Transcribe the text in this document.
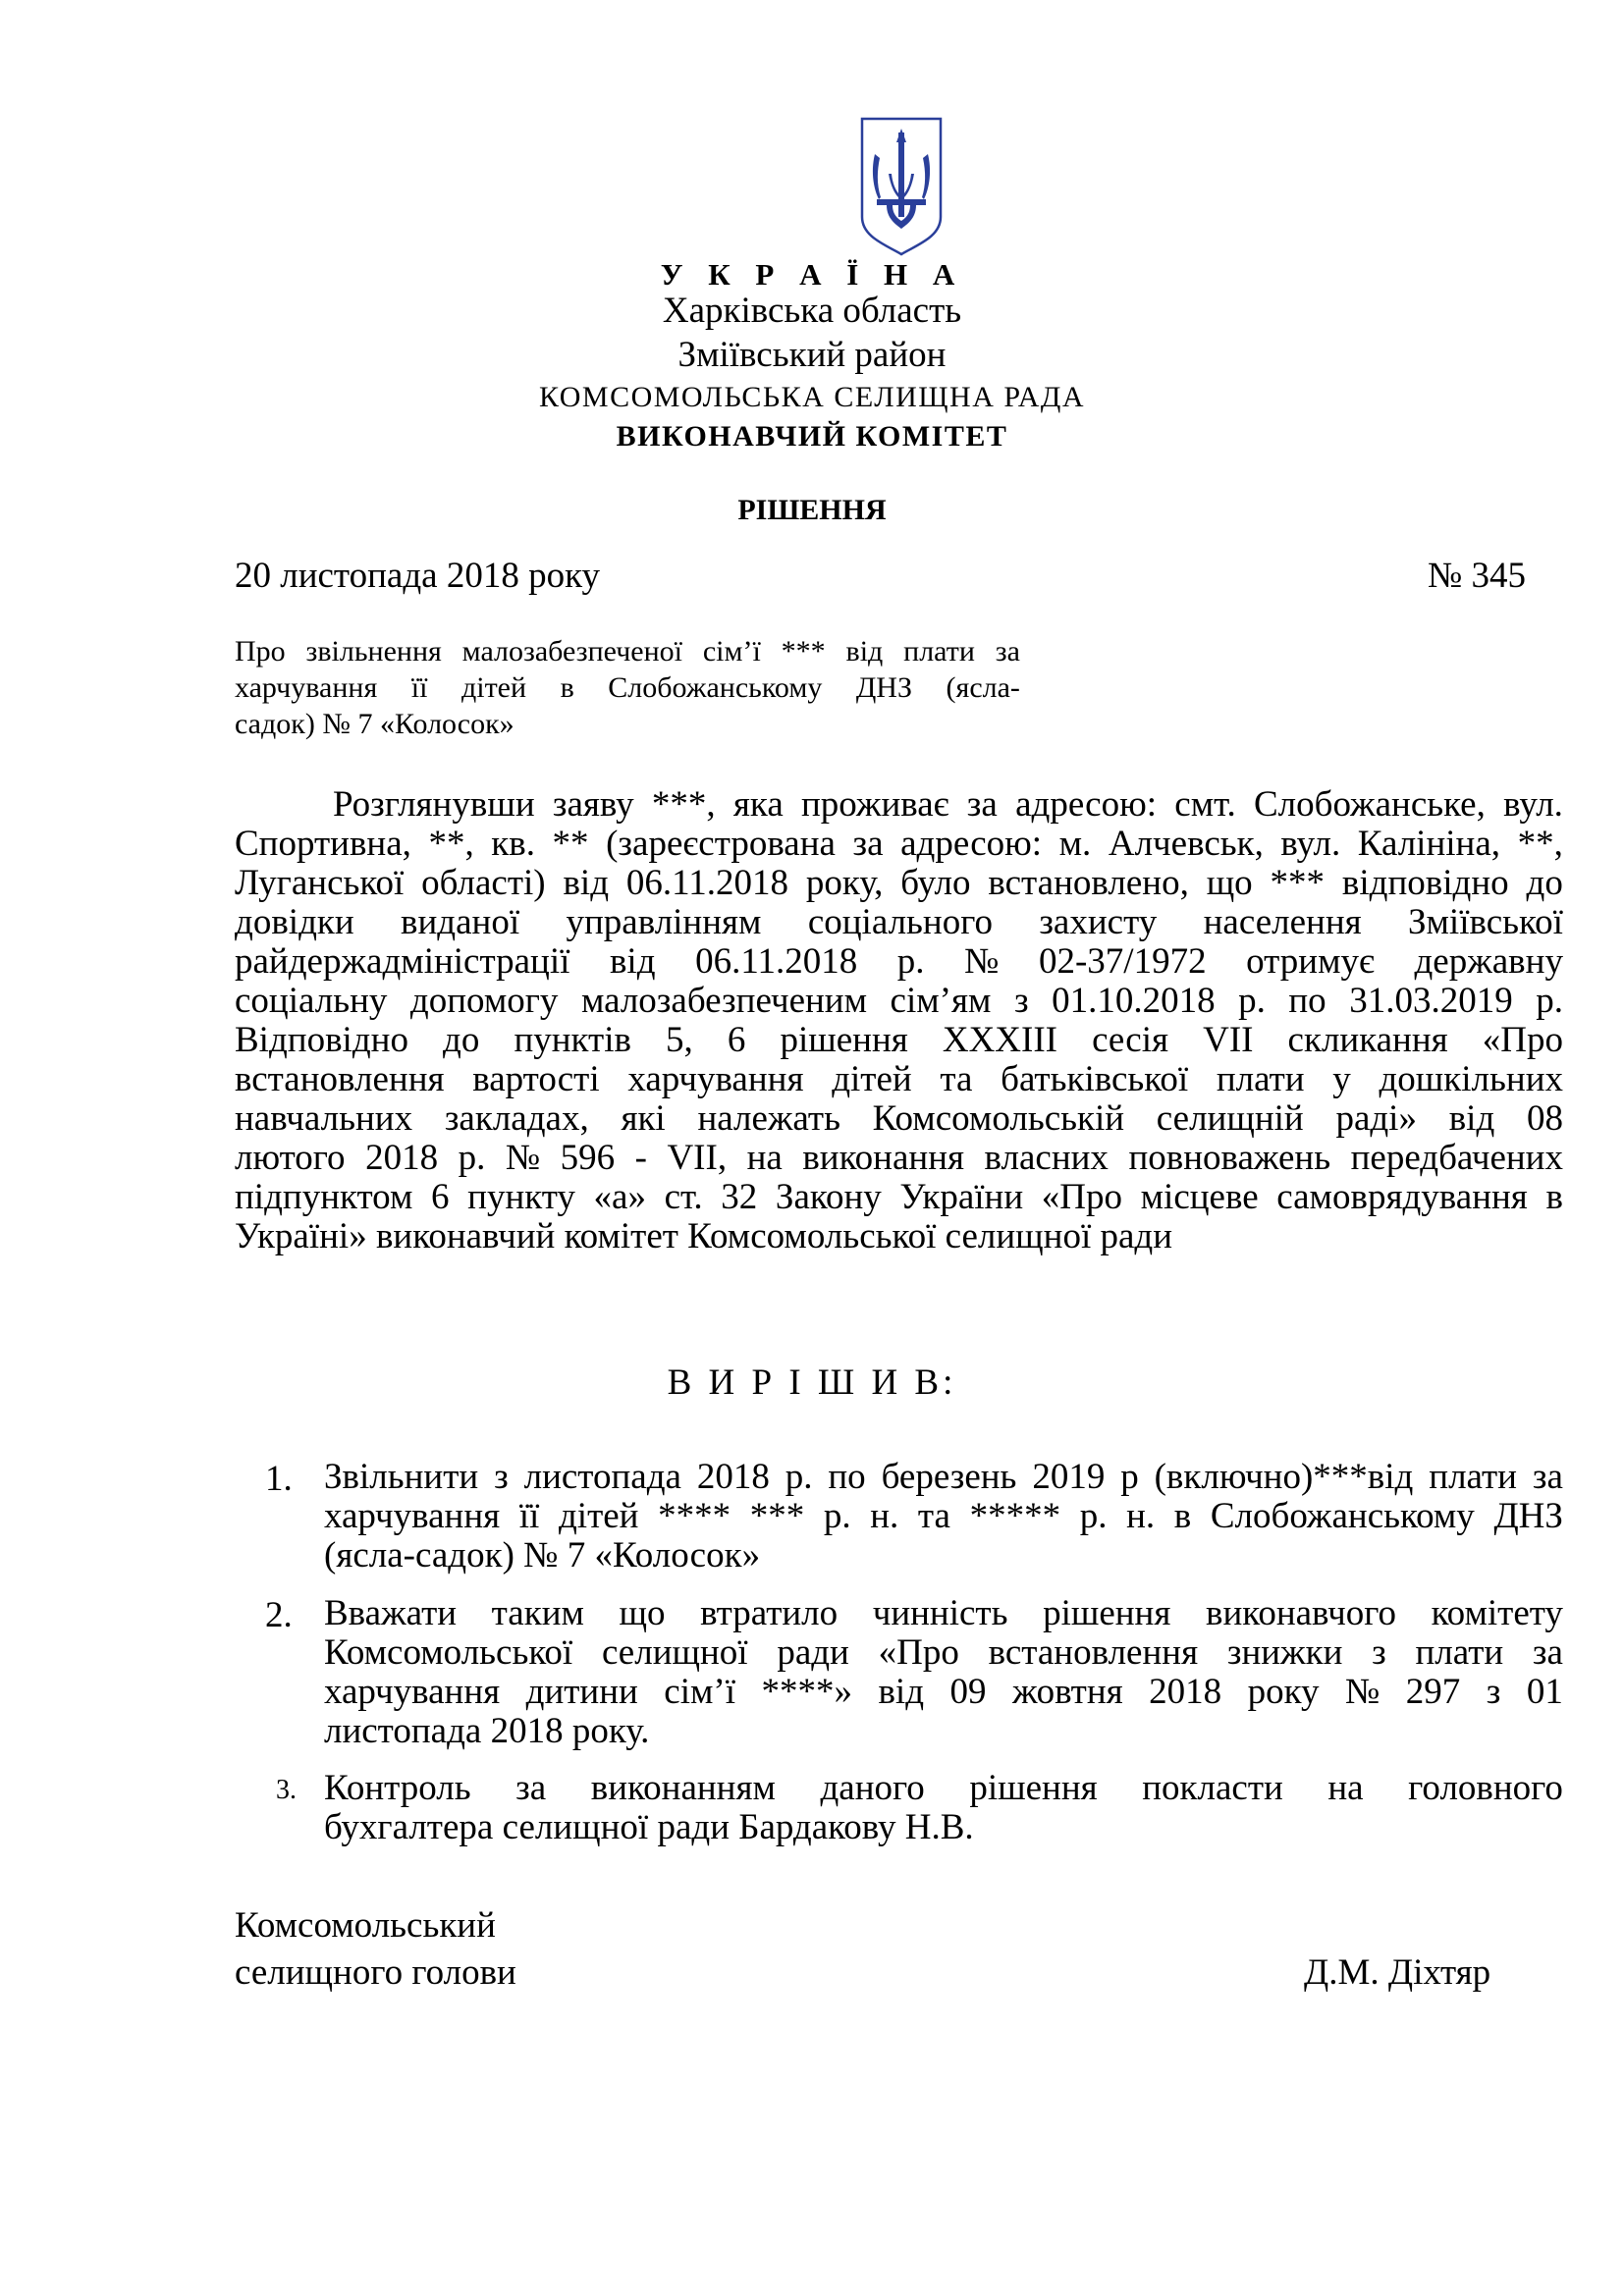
У К Р А Ї Н А
Харківська область
Зміївський район
КОМСОМОЛЬСЬКА СЕЛИЩНА РАДА
ВИКОНАВЧИЙ КОМІТЕТ
РІШЕННЯ
20 листопада 2018 року	№ 345
Про звільнення малозабезпеченої сім’ї *** від плати за
харчування її дітей в Слобожанському ДНЗ (ясла-
садок) № 7 «Колосок»
Розглянувши заяву ***, яка проживає за адресою: смт. Слобожанське, вул.
Спортивна, **, кв. ** (зареєстрована за адресою: м. Алчевськ, вул. Калініна, **,
Луганської області) від 06.11.2018 року, було встановлено, що *** відповідно до
довідки виданої управлінням соціального захисту населення Зміївської
райдержадміністрації від 06.11.2018 р. № 02-37/1972 отримує державну
соціальну допомогу малозабезпеченим сім’ям з 01.10.2018 р. по 31.03.2019 р.
Відповідно до пунктів 5, 6 рішення XXXIII сесія VII скликання «Про
встановлення вартості харчування дітей та батьківської плати у дошкільних
навчальних закладах, які належать Комсомольській селищній раді» від 08
лютого 2018 р. № 596 - VII, на виконання власних повноважень передбачених
підпунктом 6 пункту «а» ст. 32 Закону України «Про місцеве самоврядування в
Україні» виконавчий комітет Комсомольської селищної ради
В И Р І Ш И В:
1. Звільнити з листопада 2018 р. по березень 2019 р (включно)***від плати за
харчування її дітей **** *** р. н. та ***** р. н. в Слобожанському ДНЗ
(ясла-садок) № 7 «Колосок»
2. Вважати таким що втратило чинність рішення виконавчого комітету
Комсомольської селищної ради «Про встановлення знижки з плати за
харчування дитини сім’ї ****» від 09 жовтня 2018 року № 297 з 01
листопада 2018 року.
3. Контроль за виконанням даного рішення покласти на головного
бухгалтера селищної ради Бардакову Н.В.
Комсомольський
селищного голови	Д.М. Діхтяр
